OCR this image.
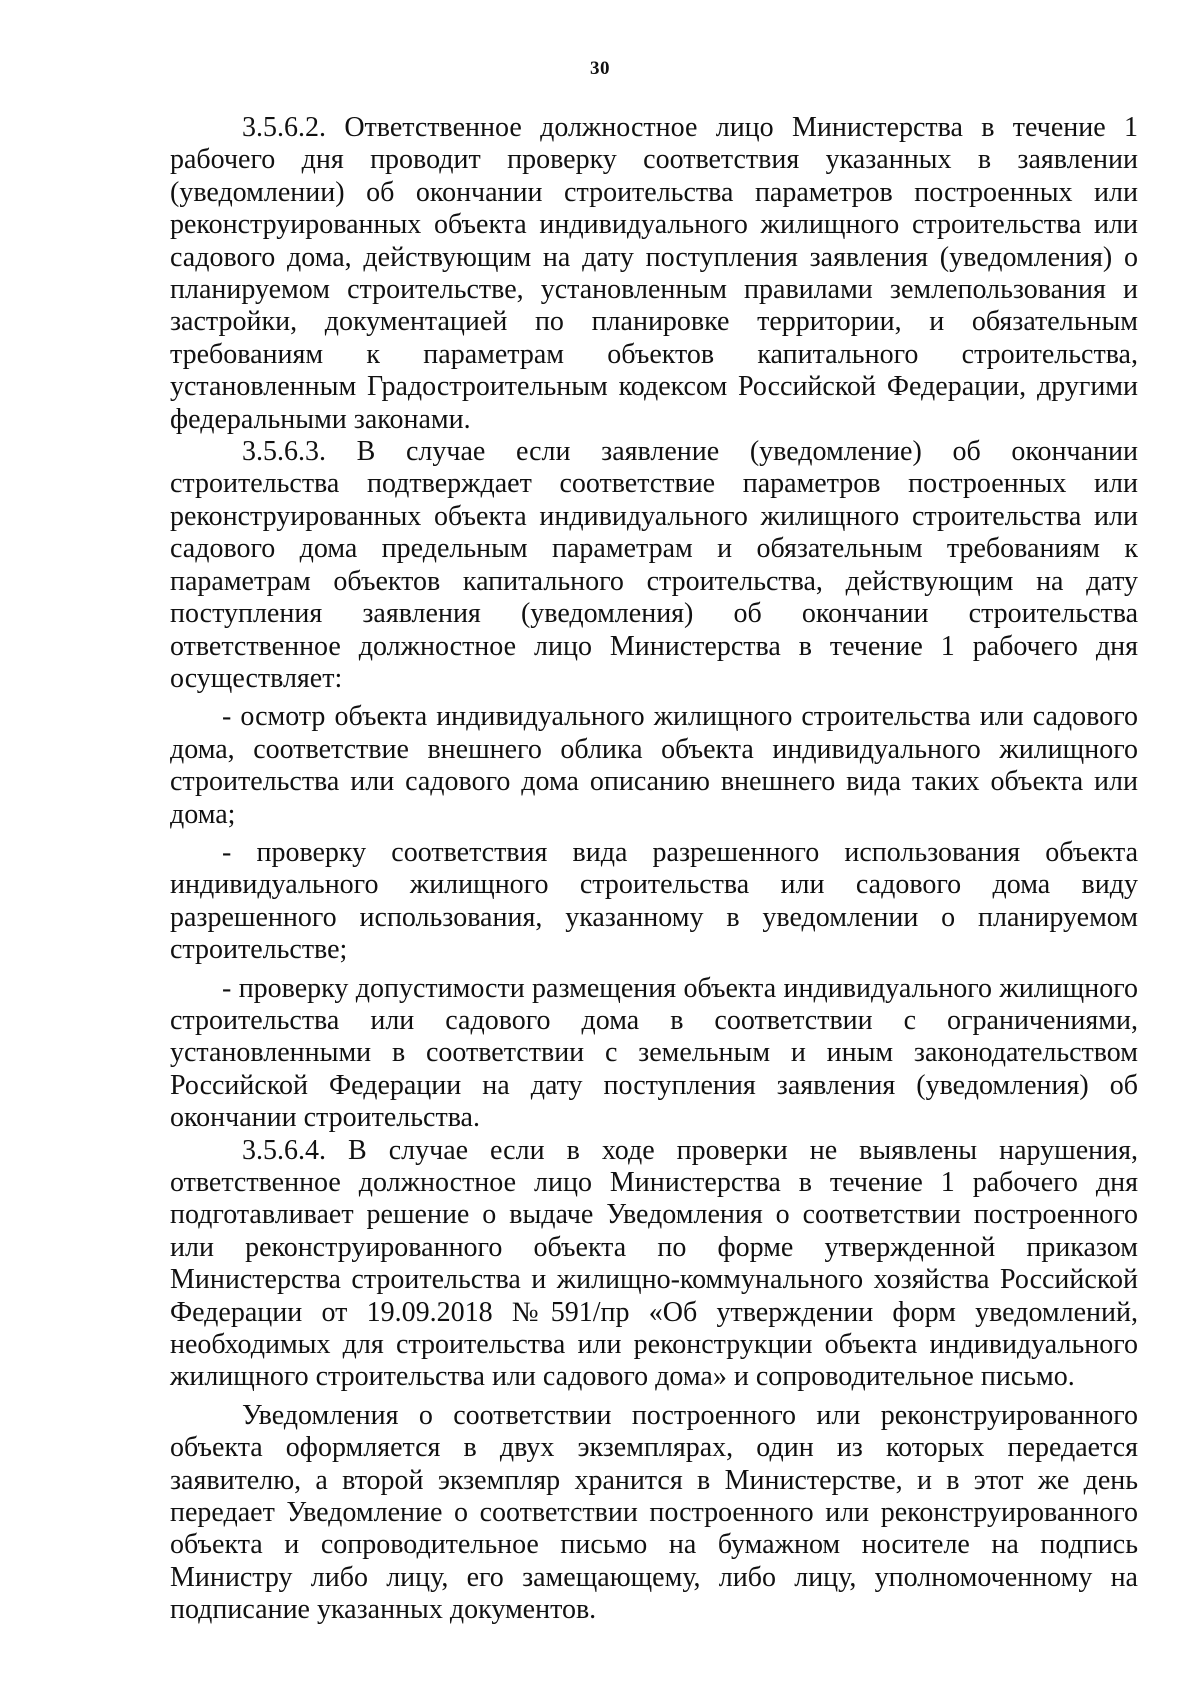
30

3.5.6.2. Ответственное должностное лицо Министерства в течение 1 рабочего дня проводит проверку соответствия указанных в заявлении (уведомлении) об окончании строительства параметров построенных или реконструированных объекта индивидуального жилищного строительства или садового дома, действующим на дату поступления заявления (уведомления) о планируемом строительстве, установленным правилами землепользования и застройки, документацией по планировке территории, и обязательным требованиям к параметрам объектов капитального строительства, установленным Градостроительным кодексом Российской Федерации, другими федеральными законами.

3.5.6.3. В случае если заявление (уведомление) об окончании строительства подтверждает соответствие параметров построенных или реконструированных объекта индивидуального жилищного строительства или садового дома предельным параметрам и обязательным требованиям к параметрам объектов капитального строительства, действующим на дату поступления заявления (уведомления) об окончании строительства ответственное должностное лицо Министерства в течение 1 рабочего дня осуществляет:

- осмотр объекта индивидуального жилищного строительства или садового дома, соответствие внешнего облика объекта индивидуального жилищного строительства или садового дома описанию внешнего вида таких объекта или дома;

- проверку соответствия вида разрешенного использования объекта индивидуального жилищного строительства или садового дома виду разрешенного использования, указанному в уведомлении о планируемом строительстве;

- проверку допустимости размещения объекта индивидуального жилищного строительства или садового дома в соответствии с ограничениями, установленными в соответствии с земельным и иным законодательством Российской Федерации на дату поступления заявления (уведомления) об окончании строительства.

3.5.6.4. В случае если в ходе проверки не выявлены нарушения, ответственное должностное лицо Министерства в течение 1 рабочего дня подготавливает решение о выдаче Уведомления о соответствии построенного или реконструированного объекта по форме утвержденной приказом Министерства строительства и жилищно-коммунального хозяйства Российской Федерации от 19.09.2018 №591/пр «Об утверждении форм уведомлений, необходимых для строительства или реконструкции объекта индивидуального жилищного строительства или садового дома» и сопроводительное письмо.

Уведомления о соответствии построенного или реконструированного объекта оформляется в двух экземплярах, один из которых передается заявителю, а второй экземпляр хранится в Министерстве, и в этот же день передает Уведомление о соответствии построенного или реконструированного объекта и сопроводительное письмо на бумажном носителе на подпись Министру либо лицу, его замещающему, либо лицу, уполномоченному на подписание указанных документов.
